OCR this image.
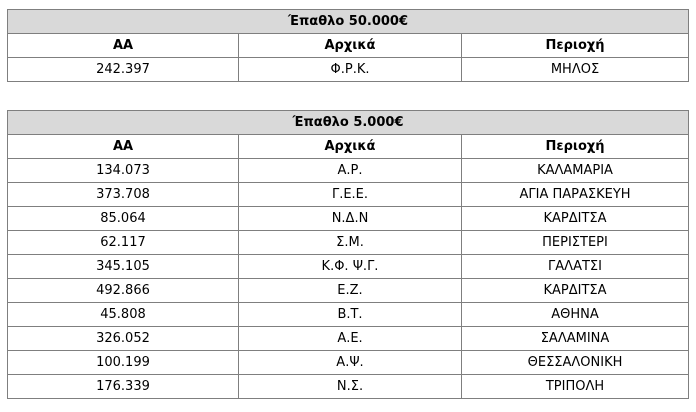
Έπαθλο 50.000€		
ΑΑ	Αρχικά	Περιοχή
242.397	Φ.Ρ.Κ.	ΜΗΛΟΣ
Έπαθλο 5.000€		
ΑΑ	Αρχικά	Περιοχή
134.073	Α.Ρ.	ΚΑΛΑΜΑΡΙΑ
373.708	Γ.Ε.Ε.	ΑΓΙΑ ΠΑΡΑΣΚΕΥΗ
85.064	Ν.Δ.Ν	ΚΑΡΔΙΤΣΑ
62.117	Σ.Μ.	ΠΕΡΙΣΤΕΡΙ
345.105	Κ.Φ. Ψ.Γ.	ΓΑΛΑΤΣΙ
492.866	Ε.Ζ.	ΚΑΡΔΙΤΣΑ
45.808	Β.Τ.	ΑΘΗΝΑ
326.052	Α.Ε.	ΣΑΛΑΜΙΝΑ
100.199	Α.Ψ.	ΘΕΣΣΑΛΟΝΙΚΗ
176.339	Ν.Σ.	ΤΡΙΠΟΛΗ
